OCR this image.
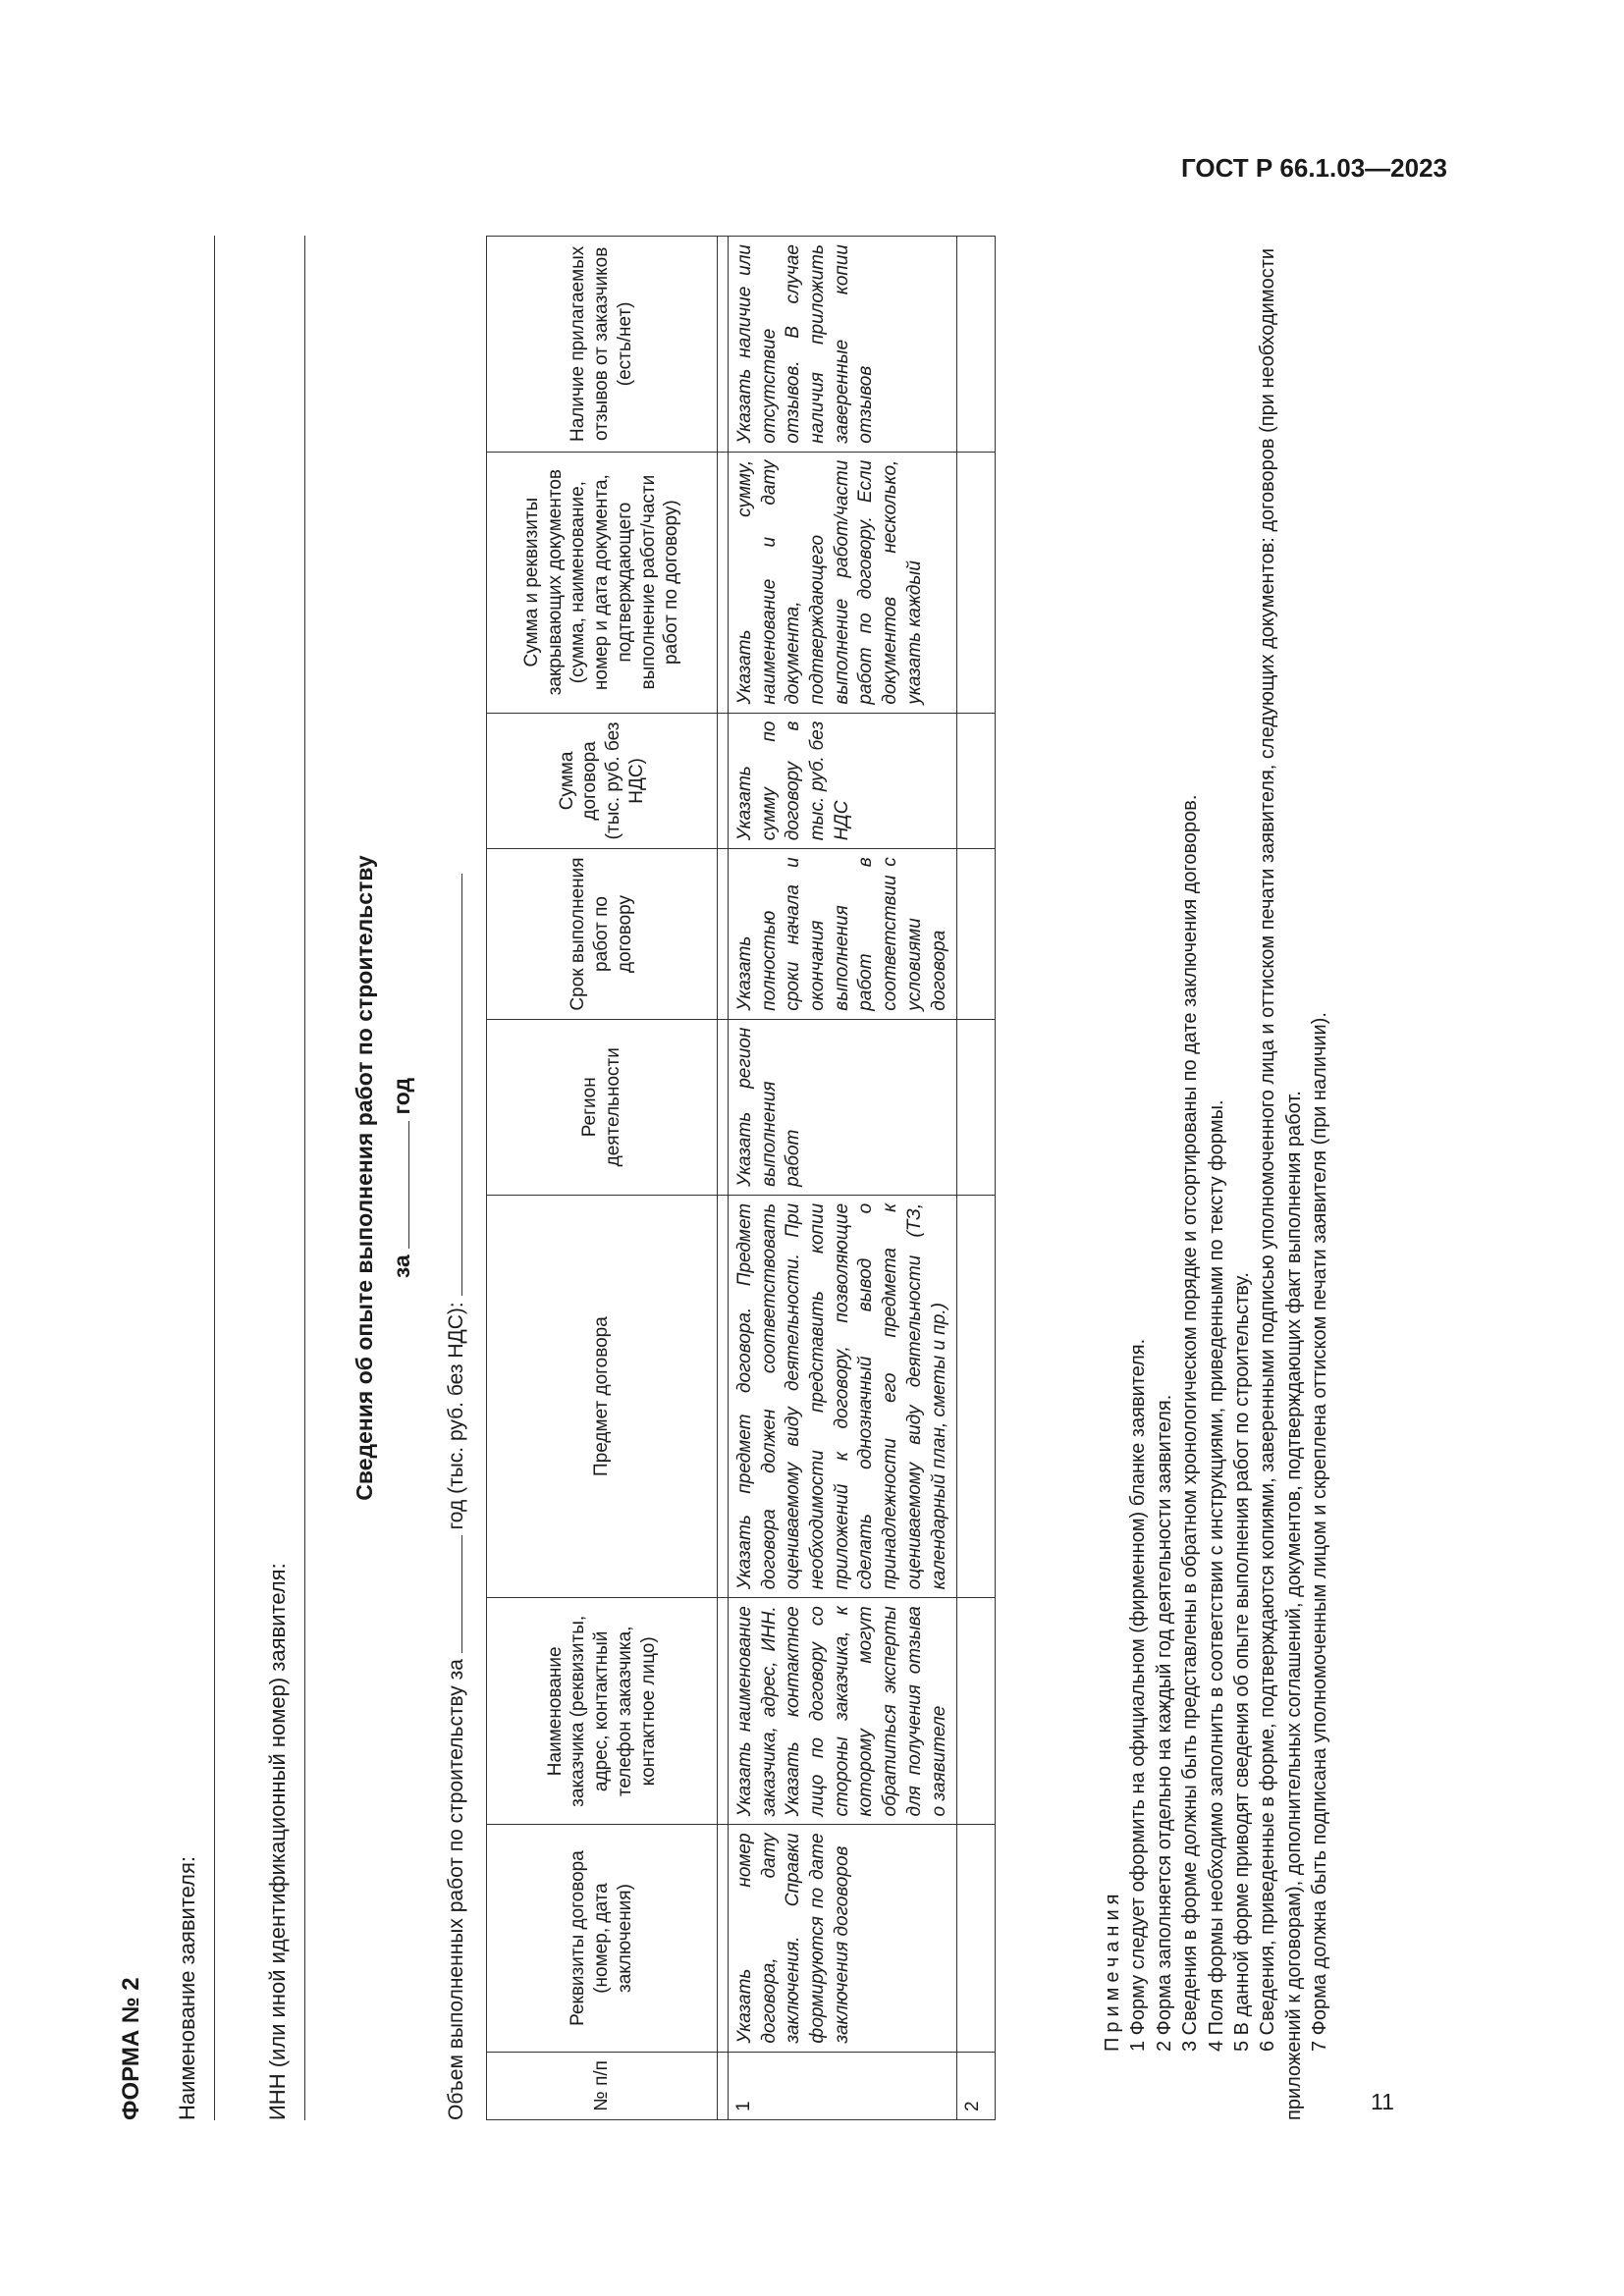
ГОСТ Р 66.1.03—2023
11
ФОРМА № 2 Наименование заявителя:	ИНН (или иной идентификационный номер) заявителя:
Сведения об опыте выполнения работ по строительству за  год
Объем выполненных работ по строительству за  год (тыс. руб. без НДС):
№ п/п	Реквизиты договора (номер, дата заключения)	Наименование заказчика (реквизиты, адрес, контактный телефон заказчика, контактное лицо)	Предмет договора	Регион деятельности	Срок выполнения работ по договору	Сумма договора (тыс. руб. без НДС)	Сумма и реквизиты закрывающих документов (сумма, наименование, номер и дата документа, подтверждающего выполнение работ/части работ по договору)	Наличие прилагаемых отзывов от заказчиков (есть/нет)

1	Указать номер договора, дату заключения. Справки формируются по дате заключения договоров	Указать наименование заказчика, адрес, ИНН. Указать контактное лицо по договору со стороны заказчика, к которому могут обратиться эксперты для получения отзыва о заявителе	Указать предмет договора. Предмет договора должен соответствовать оцениваемому виду деятельности. При необходимости представить копии приложений к договору, позволяющие сделать однозначный вывод о принадлежности его предмета к оцениваемому виду деятельности (ТЗ, календарный план, сметы и пр.)	Указать регион выполнения работ	Указать полностью сроки начала и окончания выполнения работ в соответствии с условиями договора	Указать сумму по договору в тыс. руб. без НДС	Указать сумму, наименование и дату документа, подтверждающего выполнение работ/части работ по договору. Если документов несколько, указать каждый	Указать наличие или отсутствие отзывов. В случае наличия приложить заверенные копии отзывов
2								

Примечания 1 Форму следует оформить на официальном (фирменном) бланке заявителя. 2 Форма заполняется отдельно на каждый год деятельности заявителя. 3 Сведения в форме должны быть представлены в обратном хронологическом порядке и отсортированы по дате заключения договоров. 4 Поля формы необходимо заполнить в соответствии с инструкциями, приведенными по тексту формы. 5 В данной форме приводят сведения об опыте выполнения работ по строительству. 6 Сведения, приведенные в форме, подтверждаются копиями, заверенными подписью уполномоченного лица и оттиском печати заявителя, следующих документов: договоров (при необходимости приложений к договорам), дополнительных соглашений, документов, подтверждающих факт выполнения работ. 7 Форма должна быть подписана уполномоченным лицом и скреплена оттиском печати заявителя (при наличии).
